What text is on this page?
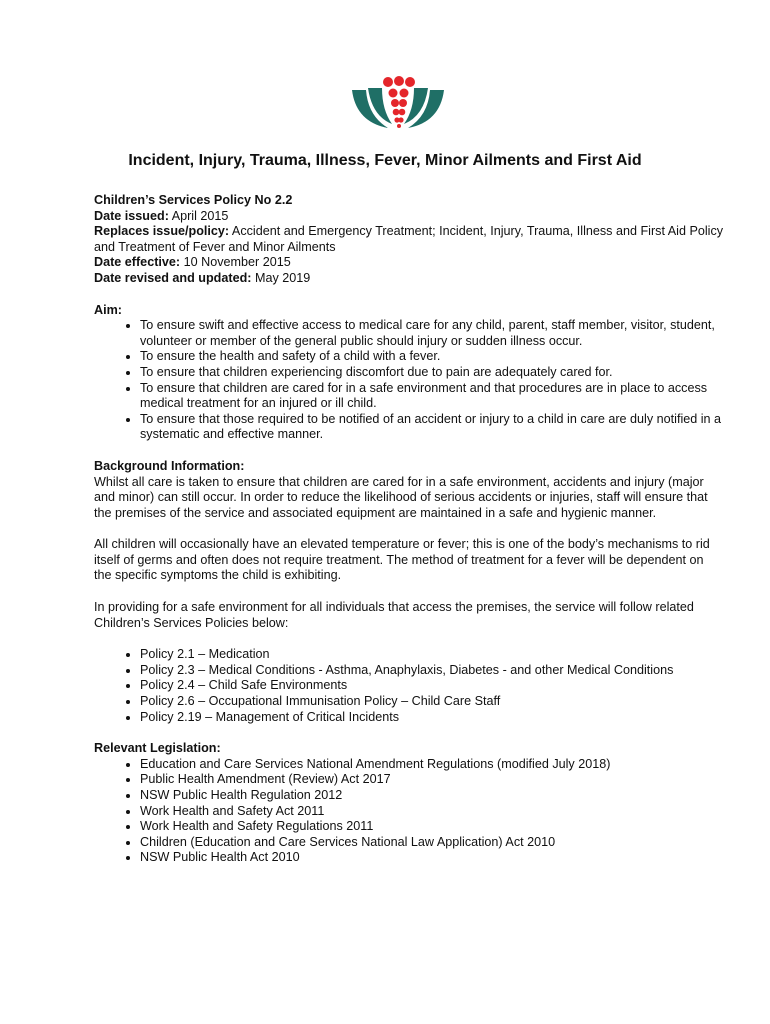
Incident, Injury, Trauma, Illness, Fever, Minor Ailments and First Aid

Children’s Services Policy No 2.2

Date issued: April 2015

Replaces issue/policy: Accident and Emergency Treatment; Incident, Injury, Trauma, Illness and First Aid Policy and Treatment of Fever and Minor Ailments

Date effective: 10 November 2015

Date revised and updated: May 2019

Aim:

• To ensure swift and effective access to medical care for any child, parent, staff member, visitor, student, volunteer or member of the general public should injury or sudden illness occur.
• To ensure the health and safety of a child with a fever.
• To ensure that children experiencing discomfort due to pain are adequately cared for.
• To ensure that children are cared for in a safe environment and that procedures are in place to access medical treatment for an injured or ill child.
• To ensure that those required to be notified of an accident or injury to a child in care are duly notified in a systematic and effective manner.

Background Information:

Whilst all care is taken to ensure that children are cared for in a safe environment, accidents and injury (major and minor) can still occur. In order to reduce the likelihood of serious accidents or injuries, staff will ensure that the premises of the service and associated equipment are maintained in a safe and hygienic manner.

All children will occasionally have an elevated temperature or fever; this is one of the body’s mechanisms to rid itself of germs and often does not require treatment. The method of treatment for a fever will be dependent on the specific symptoms the child is exhibiting.

In providing for a safe environment for all individuals that access the premises, the service will follow related Children’s Services Policies below:

• Policy 2.1 – Medication
• Policy 2.3 – Medical Conditions - Asthma, Anaphylaxis, Diabetes - and other Medical Conditions
• Policy 2.4 – Child Safe Environments
• Policy 2.6 – Occupational Immunisation Policy – Child Care Staff
• Policy 2.19 – Management of Critical Incidents

Relevant Legislation:

• Education and Care Services National Amendment Regulations (modified July 2018)
• Public Health Amendment (Review) Act 2017
• NSW Public Health Regulation 2012
• Work Health and Safety Act 2011
• Work Health and Safety Regulations 2011
• Children (Education and Care Services National Law Application) Act 2010
• NSW Public Health Act 2010
